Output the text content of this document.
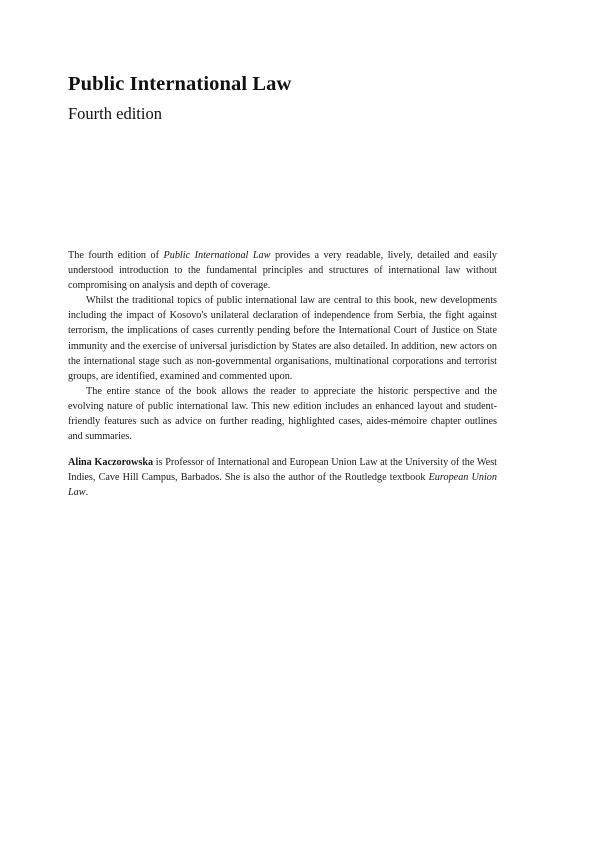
Public International Law
Fourth edition

The fourth edition of Public International Law provides a very readable, lively, detailed and easily understood introduction to the fundamental principles and structures of international law without compromising on analysis and depth of coverage.

Whilst the traditional topics of public international law are central to this book, new developments including the impact of Kosovo's unilateral declaration of independence from Serbia, the fight against terrorism, the implications of cases currently pending before the International Court of Justice on State immunity and the exercise of universal jurisdiction by States are also detailed. In addition, new actors on the international stage such as non-governmental organisations, multinational corporations and terrorist groups, are identified, examined and commented upon.

The entire stance of the book allows the reader to appreciate the historic perspective and the evolving nature of public international law. This new edition includes an enhanced layout and student-friendly features such as advice on further reading, highlighted cases, aides-mémoire chapter outlines and summaries.

Alina Kaczorowska is Professor of International and European Union Law at the University of the West Indies, Cave Hill Campus, Barbados. She is also the author of the Routledge textbook European Union Law.
